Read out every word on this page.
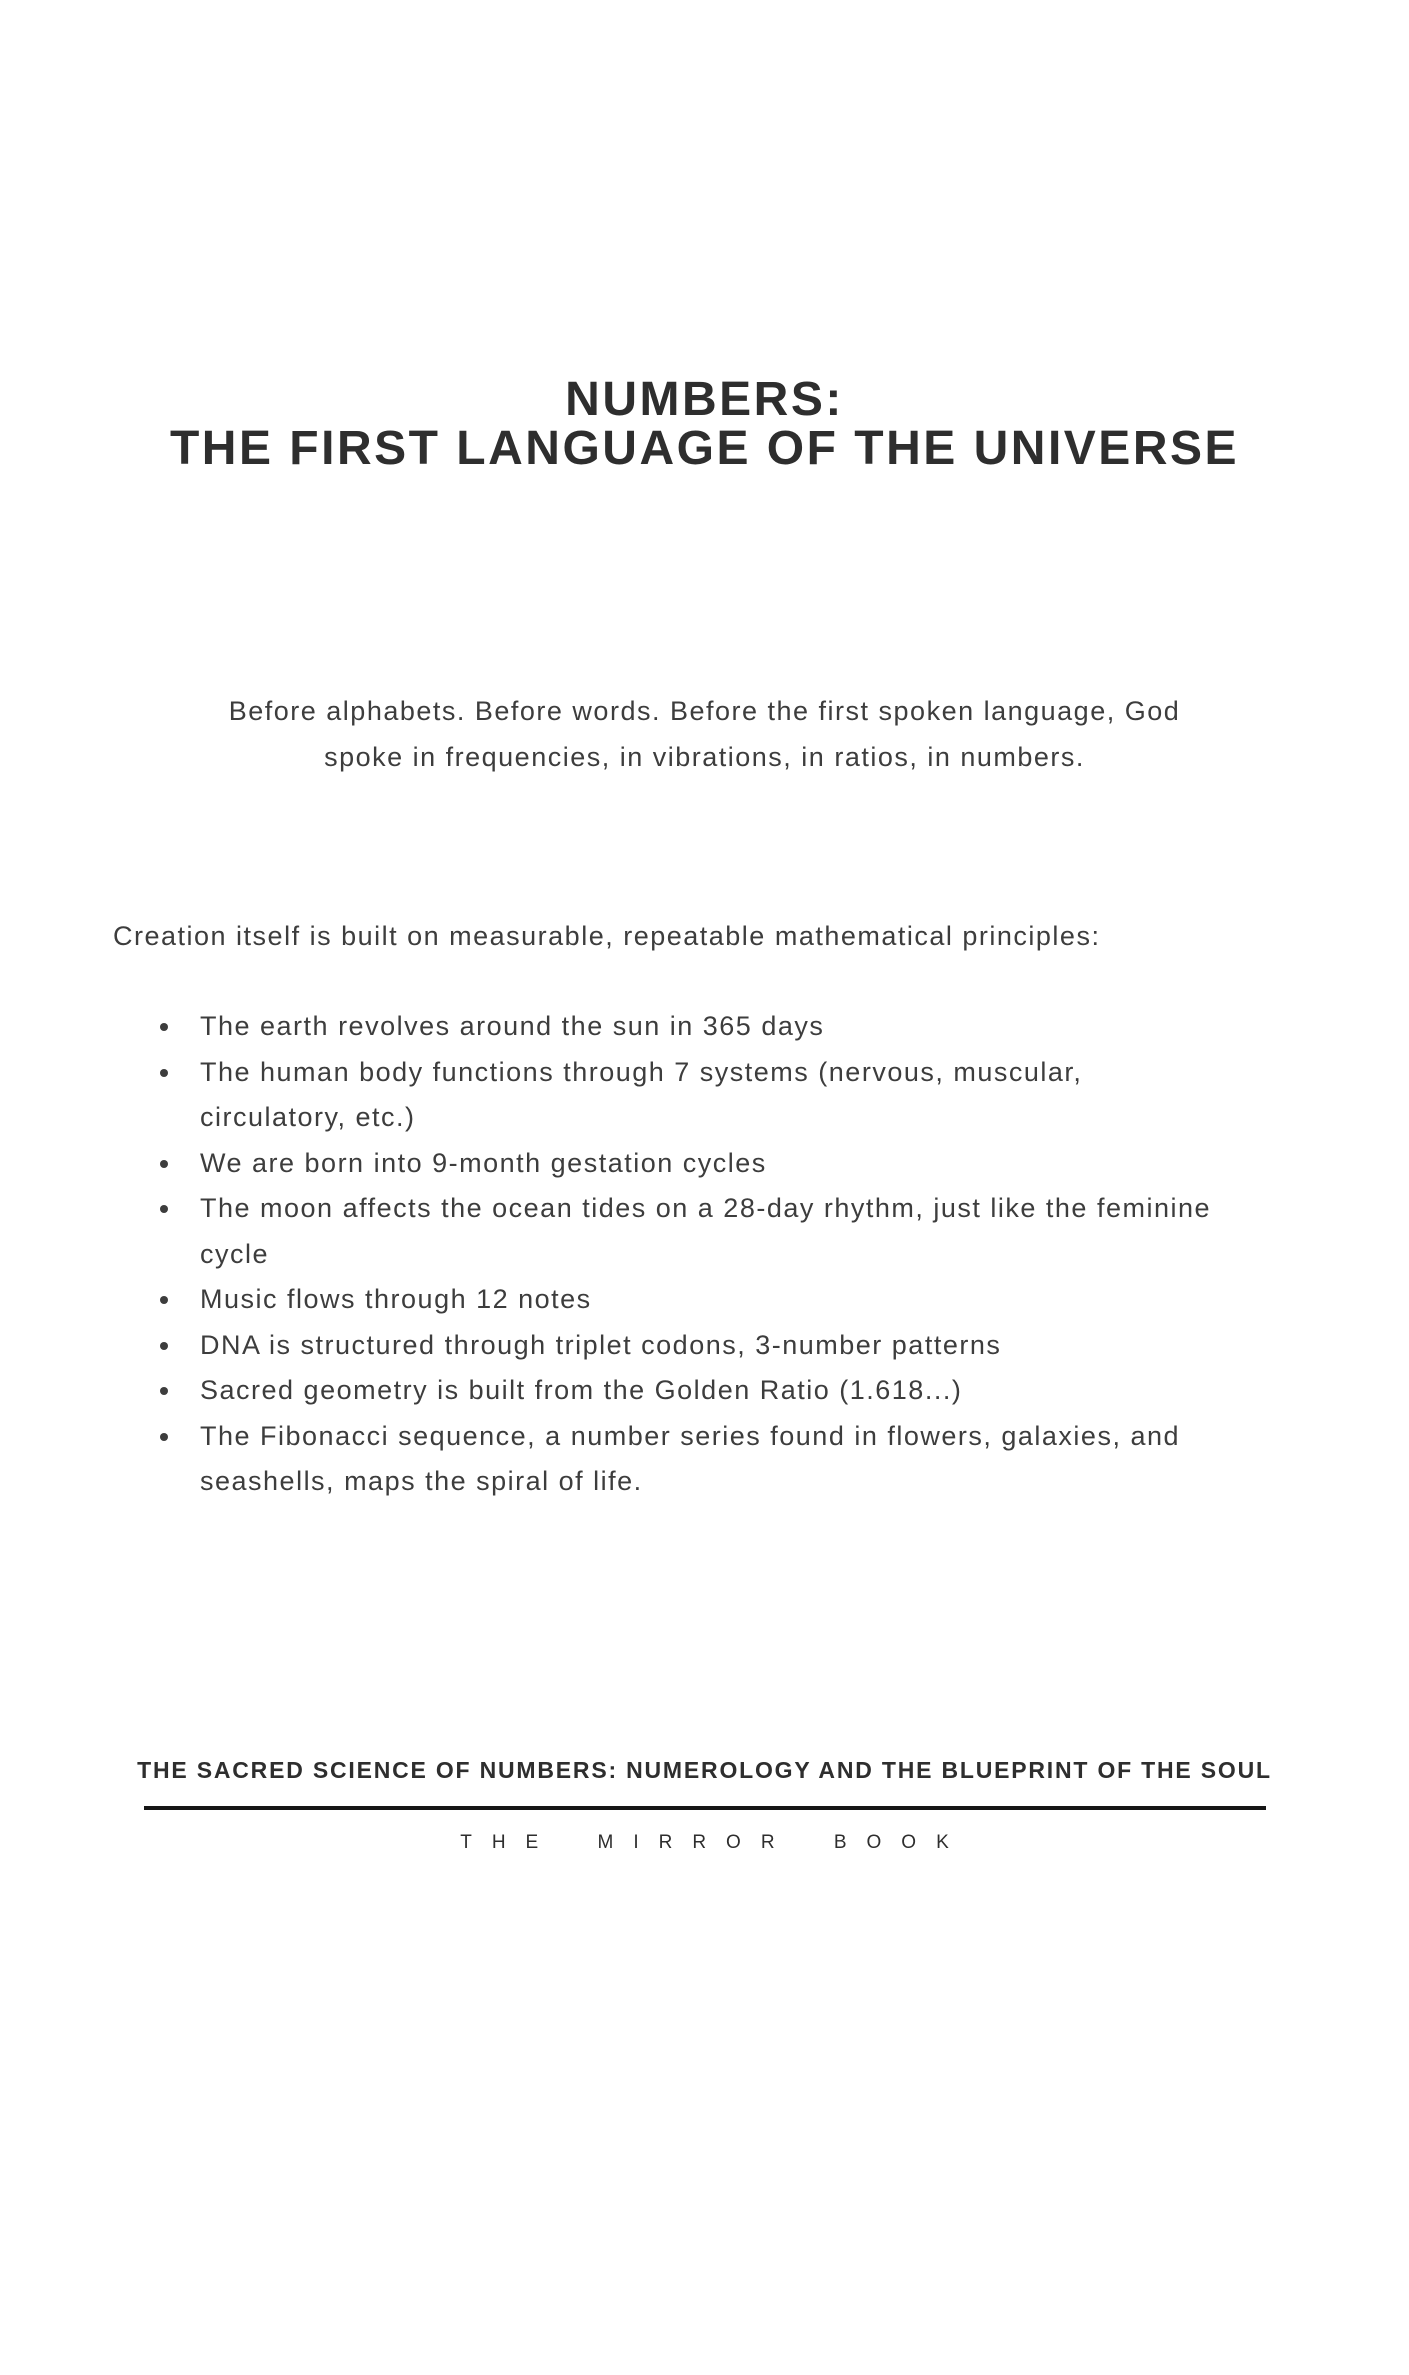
NUMBERS:
THE FIRST LANGUAGE OF THE UNIVERSE

Before alphabets. Before words. Before the first spoken language, God spoke in frequencies, in vibrations, in ratios, in numbers.

Creation itself is built on measurable, repeatable mathematical principles:

The earth revolves around the sun in 365 days
The human body functions through 7 systems (nervous, muscular, circulatory, etc.)
We are born into 9-month gestation cycles
The moon affects the ocean tides on a 28-day rhythm, just like the feminine cycle
Music flows through 12 notes
DNA is structured through triplet codons, 3-number patterns
Sacred geometry is built from the Golden Ratio (1.618...)
The Fibonacci sequence, a number series found in flowers, galaxies, and seashells, maps the spiral of life.
THE SACRED SCIENCE OF NUMBERS: NUMEROLOGY AND THE BLUEPRINT OF THE SOUL
THE MIRROR BOOK
